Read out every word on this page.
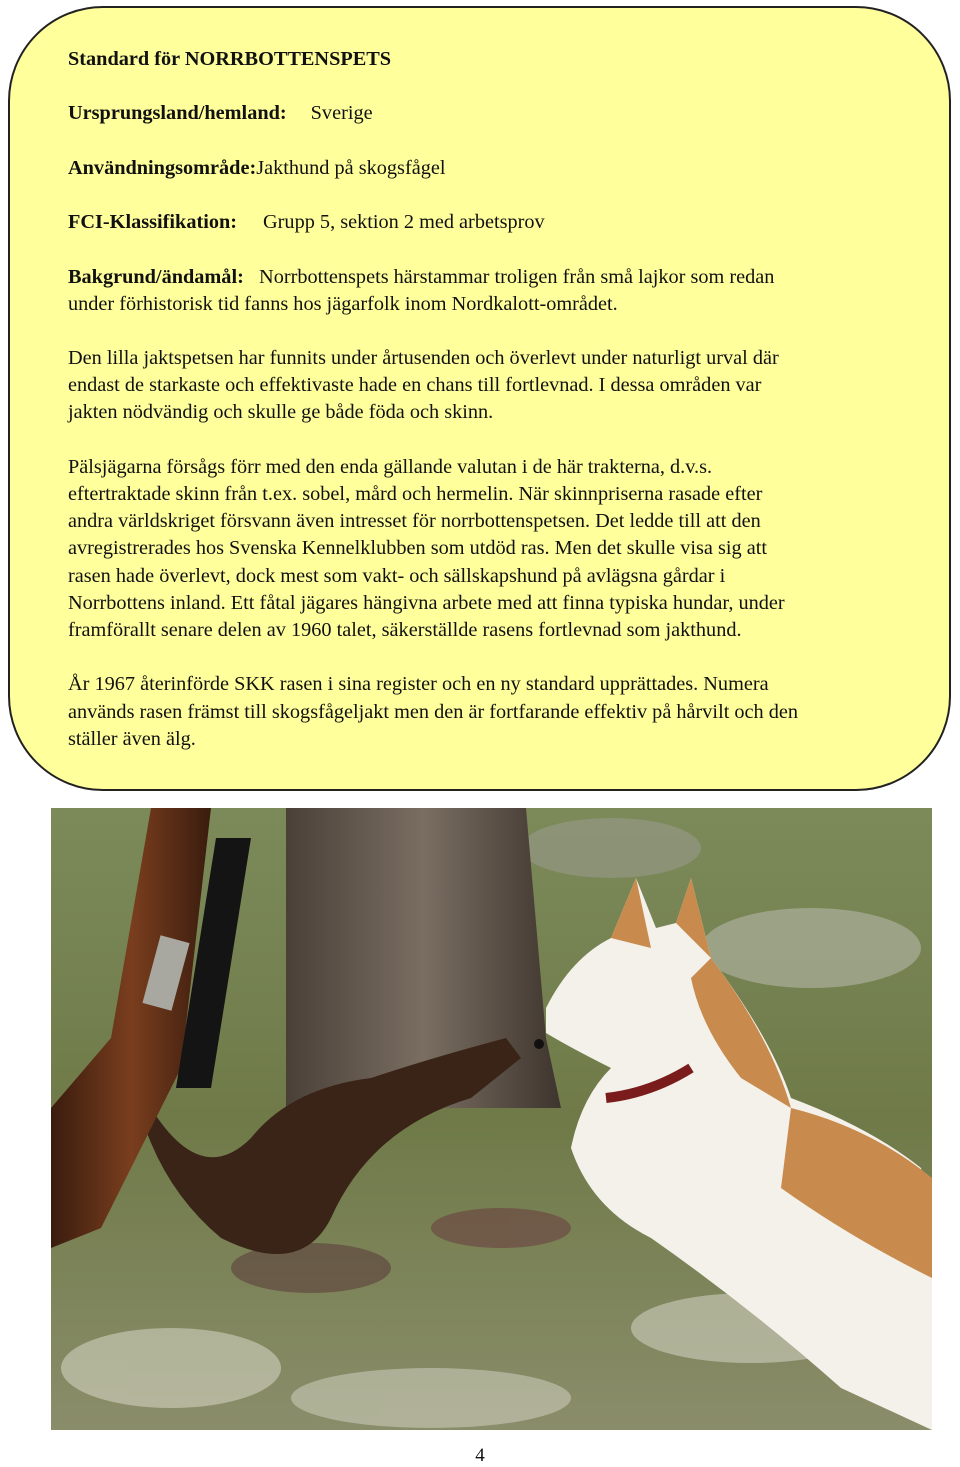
Standard för NORRBOTTENSPETS
Ursprungsland/hemland: Sverige
Användningsområde:Jakthund på skogsfågel
FCI-Klassifikation: Grupp 5, sektion 2 med arbetsprov
Bakgrund/ändamål: Norrbottenspets härstammar troligen från små lajkor som redan
under förhistorisk tid fanns hos jägarfolk inom Nordkalott-området.
Den lilla jaktspetsen har funnits under årtusenden och överlevt under naturligt urval där
endast de starkaste och effektivaste hade en chans till fortlevnad. I dessa områden var
jakten nödvändig och skulle ge både föda och skinn.
Pälsjägarna försågs förr med den enda gällande valutan i de här trakterna, d.v.s.
eftertraktade skinn från t.ex. sobel, mård och hermelin. När skinnpriserna rasade efter
andra världskriget försvann även intresset för norrbottenspetsen. Det ledde till att den
avregistrerades hos Svenska Kennelklubben som utdöd ras. Men det skulle visa sig att
rasen hade överlevt, dock mest som vakt- och sällskapshund på avlägsna gårdar i
Norrbottens inland. Ett fåtal jägares hängivna arbete med att finna typiska hundar, under
framförallt senare delen av 1960 talet, säkerställde rasens fortlevnad som jakthund.
År 1967 återinförde SKK rasen i sina register och en ny standard upprättades. Numera
används rasen främst till skogsfågeljakt men den är fortfarande effektiv på hårvilt och den
ställer även älg.
4
